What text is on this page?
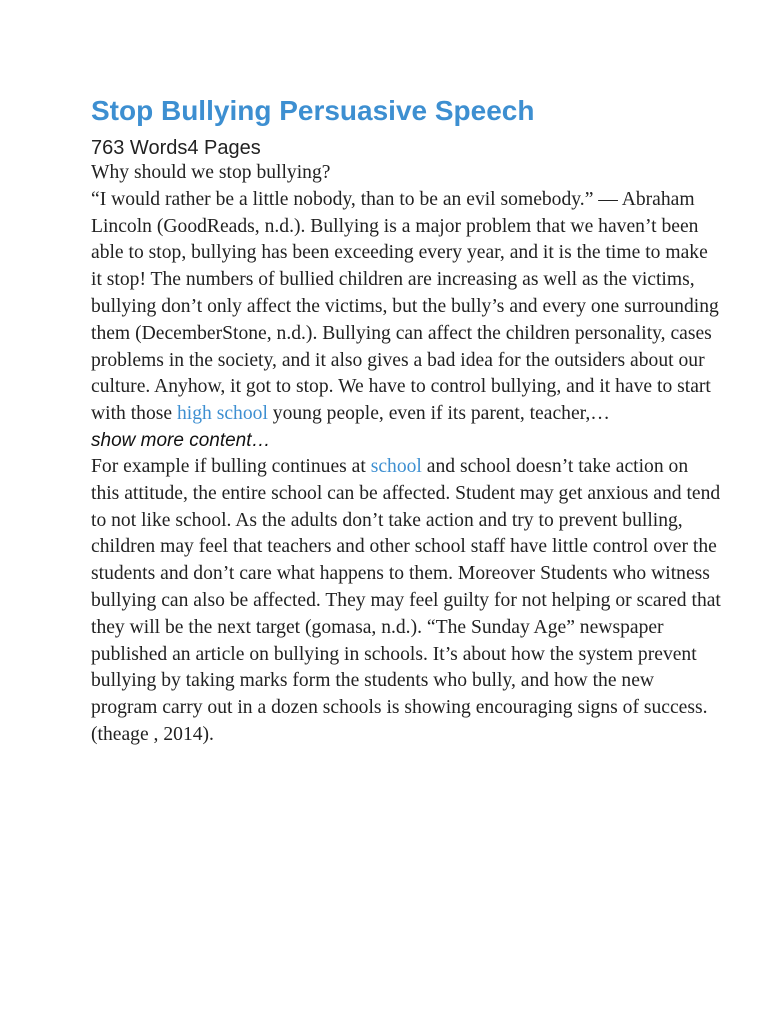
Stop Bullying Persuasive Speech
763 Words4 Pages

Why should we stop bullying?

“I would rather be a little nobody, than to be an evil somebody.” — Abraham Lincoln (GoodReads, n.d.). Bullying is a major problem that we haven’t been able to stop, bullying has been exceeding every year, and it is the time to make it stop! The numbers of bullied children are increasing as well as the victims, bullying don’t only affect the victims, but the bully’s and every one surrounding them (DecemberStone, n.d.). Bullying can affect the children personality, cases problems in the society, and it also gives a bad idea for the outsiders about our culture. Anyhow, it got to stop. We have to control bullying, and it have to start with those high school young people, even if its parent, teacher,…

show more content…

For example if bulling continues at school and school doesn’t take action on this attitude, the entire school can be affected. Student may get anxious and tend to not like school. As the adults don’t take action and try to prevent bulling, children may feel that teachers and other school staff have little control over the students and don’t care what happens to them. Moreover Students who witness bullying can also be affected. They may feel guilty for not helping or scared that they will be the next target (gomasa, n.d.). “The Sunday Age” newspaper published an article on bullying in schools. It’s about how the system prevent bullying by taking marks form the students who bully, and how the new program carry out in a dozen schools is showing encouraging signs of success. (theage , 2014).
